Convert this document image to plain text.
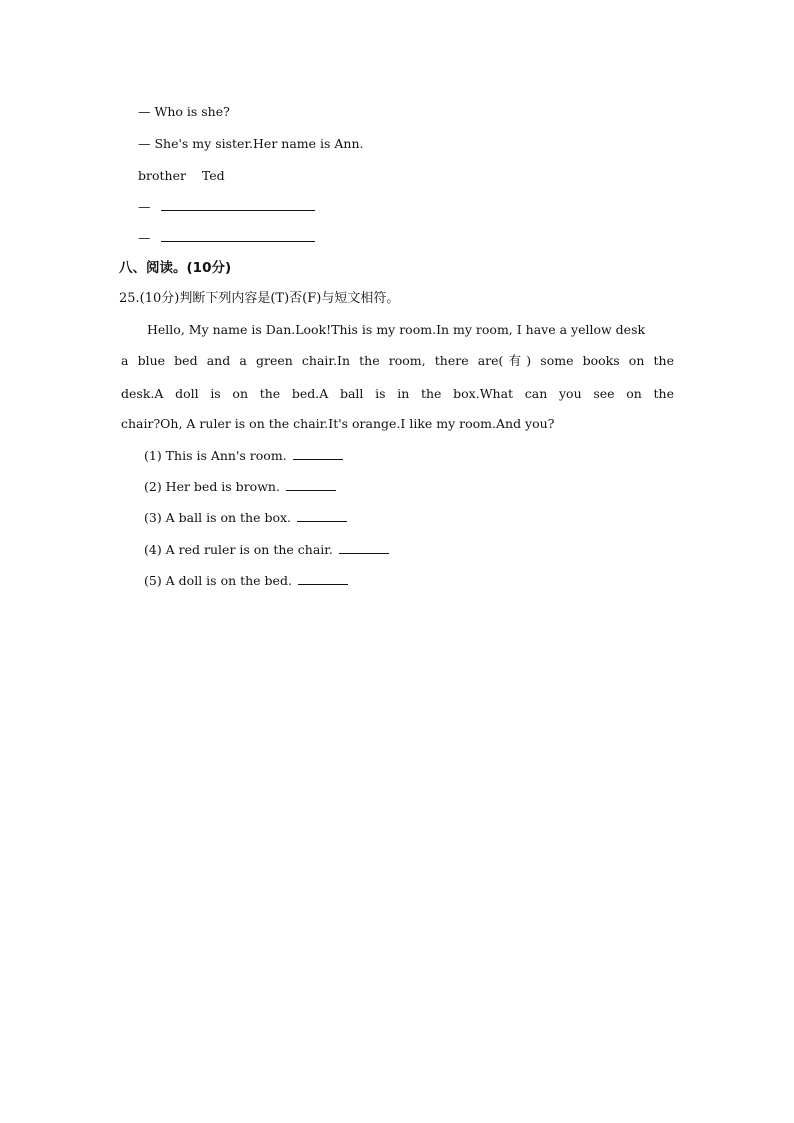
— Who is she?
— She's my sister.Her name is Ann.
brother    Ted
—
—
八、阅读。(10分)
25.(10分)判断下列内容是(T)否(F)与短文相符。
Hello, My name is Dan.Look!This is my room.In my room, I have a yellow desk
a blue bed and a green chair.In the room, there are(有) some books on the
desk.A doll is on the bed.A ball is in the box.What can you see on the
chair?Oh, A ruler is on the chair.It's orange.I like my room.And you?
(1) This is Ann's room.
(2) Her bed is brown.
(3) A ball is on the box.
(4) A red ruler is on the chair.
(5) A doll is on the bed.
